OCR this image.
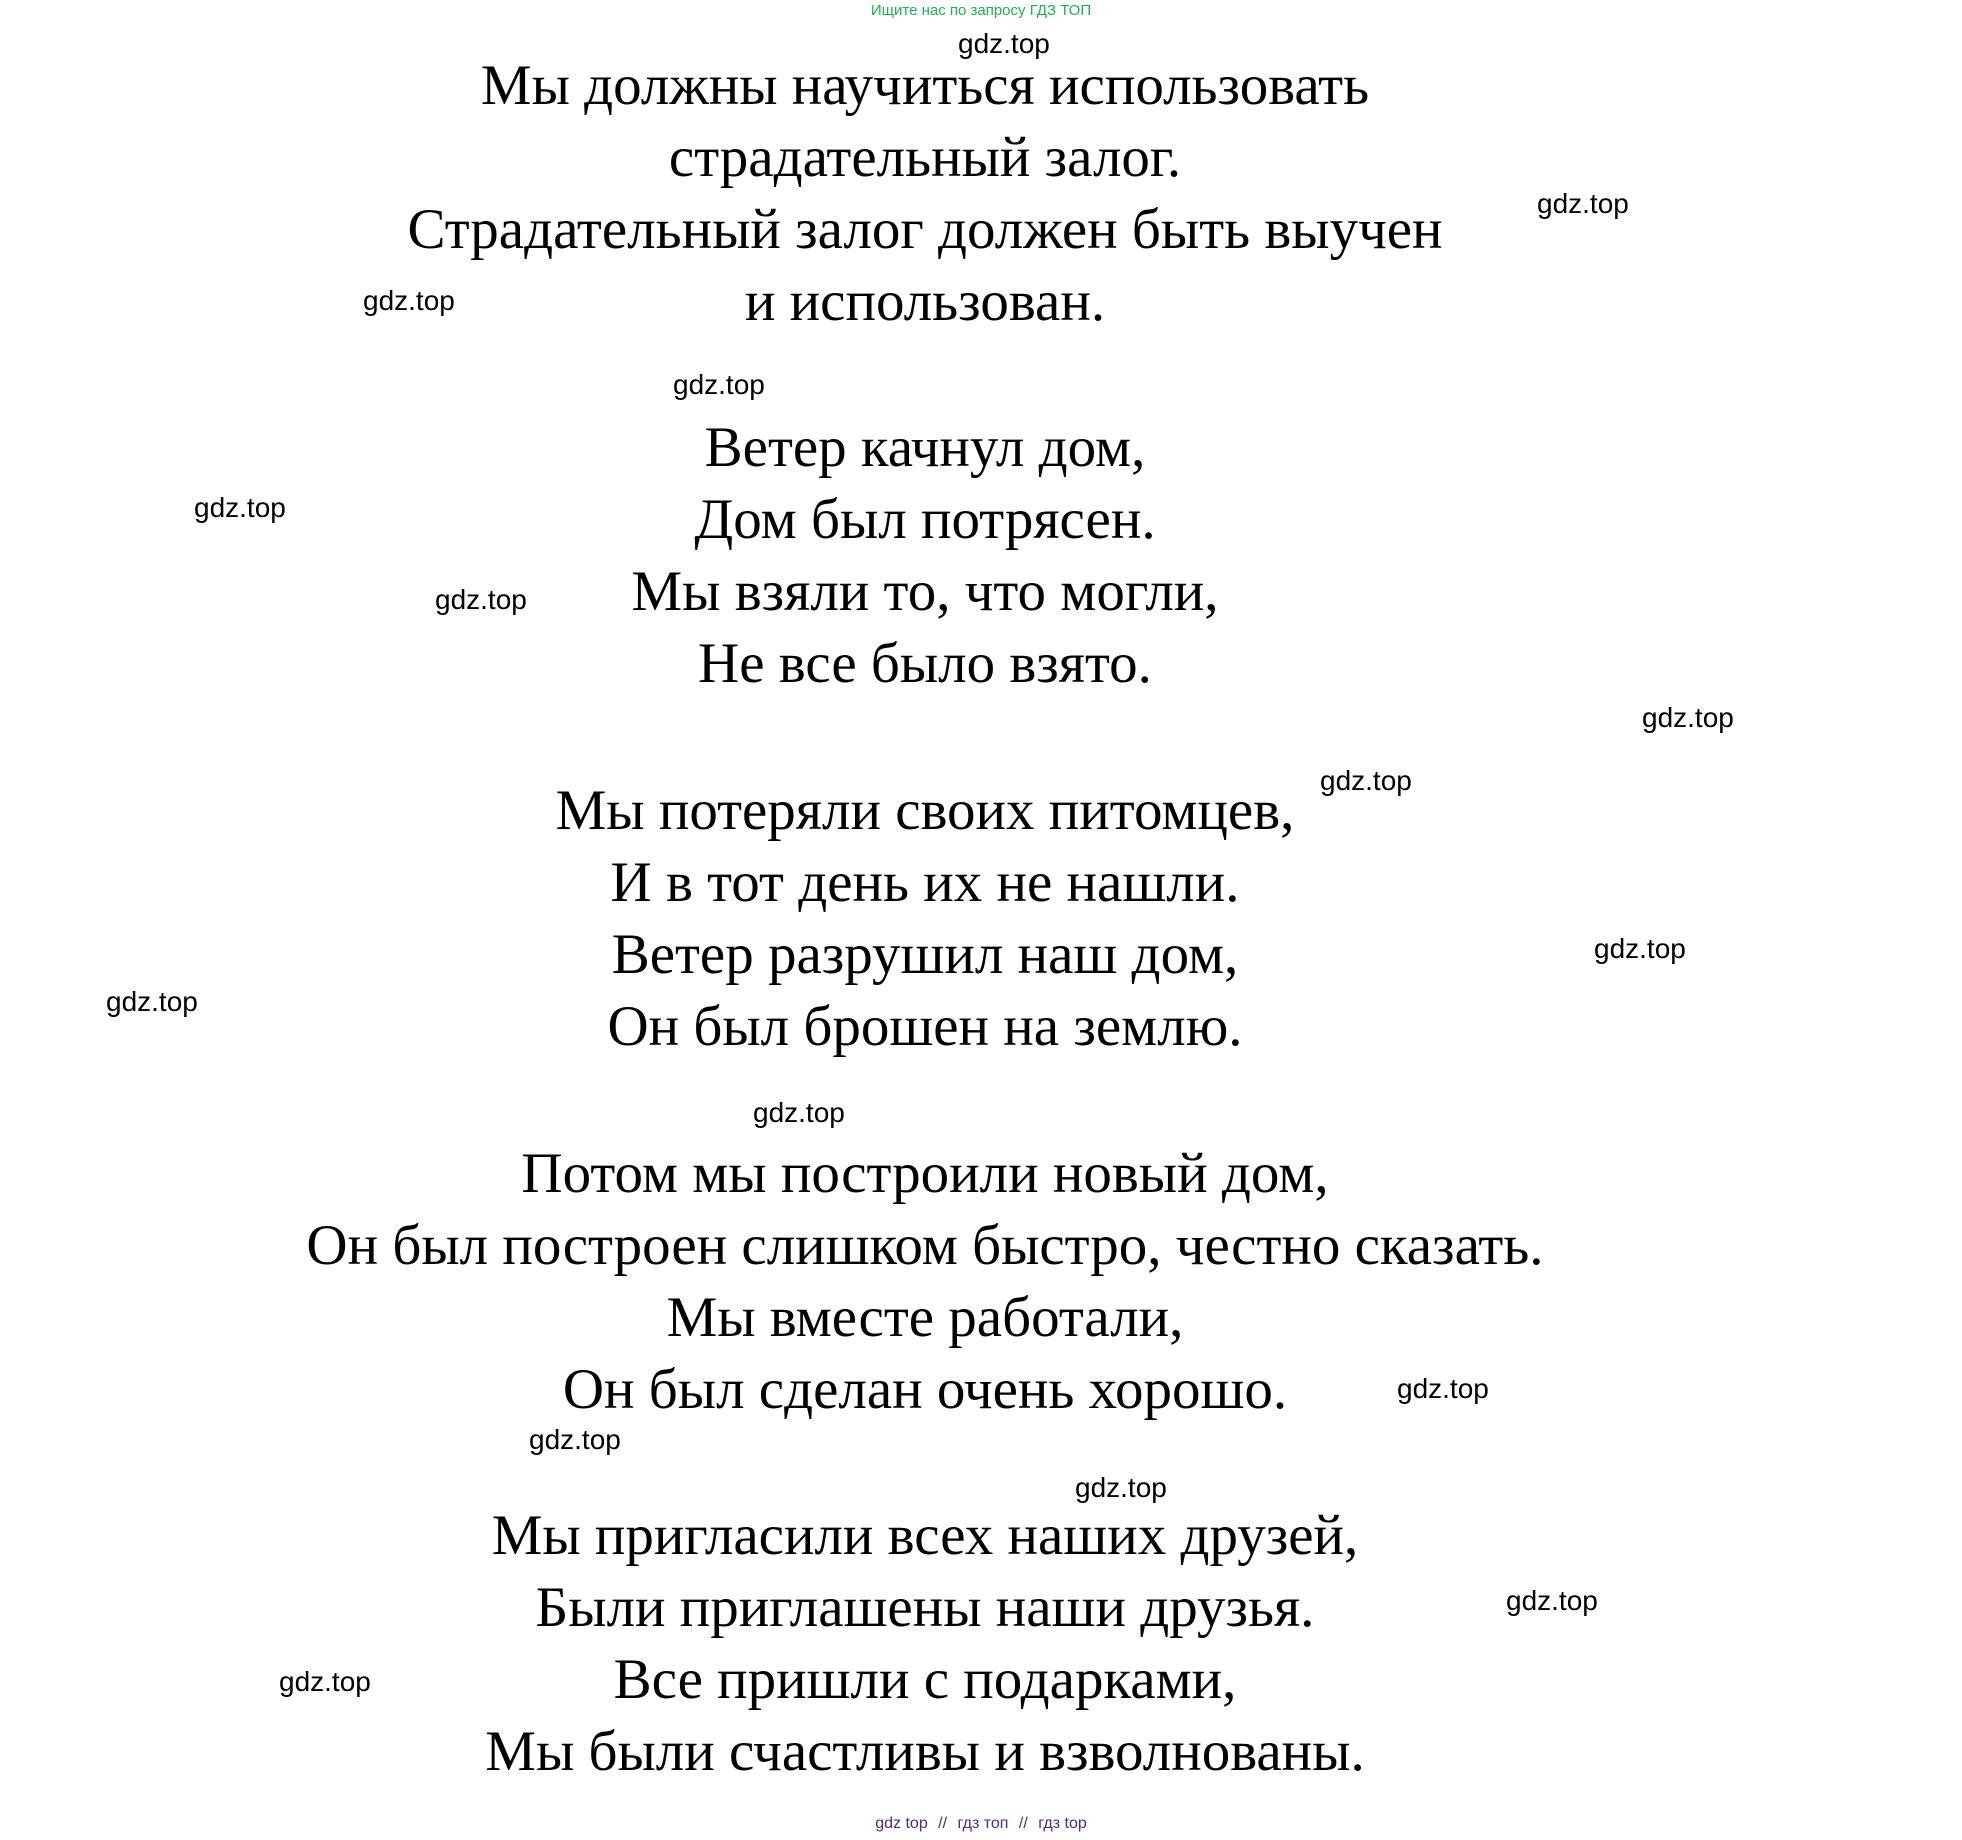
Ищите нас по запросу ГДЗ ТОП
Мы должны научиться использовать
страдательный залог.
Страдательный залог должен быть выучен
и использован.
Ветер качнул дом,
Дом был потрясен.
Мы взяли то, что могли,
Не все было взято.
Мы потеряли своих питомцев,
И в тот день их не нашли.
Ветер разрушил наш дом,
Он был брошен на землю.
Потом мы построили новый дом,
Он был построен слишком быстро, честно сказать.
Мы вместе работали,
Он был сделан очень хорошо.
Мы пригласили всех наших друзей,
Были приглашены наши друзья.
Все пришли с подарками,
Мы были счастливы и взволнованы.
gdz.top
gdz.top
gdz.top
gdz.top
gdz.top
gdz.top
gdz.top
gdz.top
gdz.top
gdz.top
gdz.top
gdz.top
gdz.top
gdz.top
gdz.top
gdz.top
gdz top // гдз топ // гдз top
